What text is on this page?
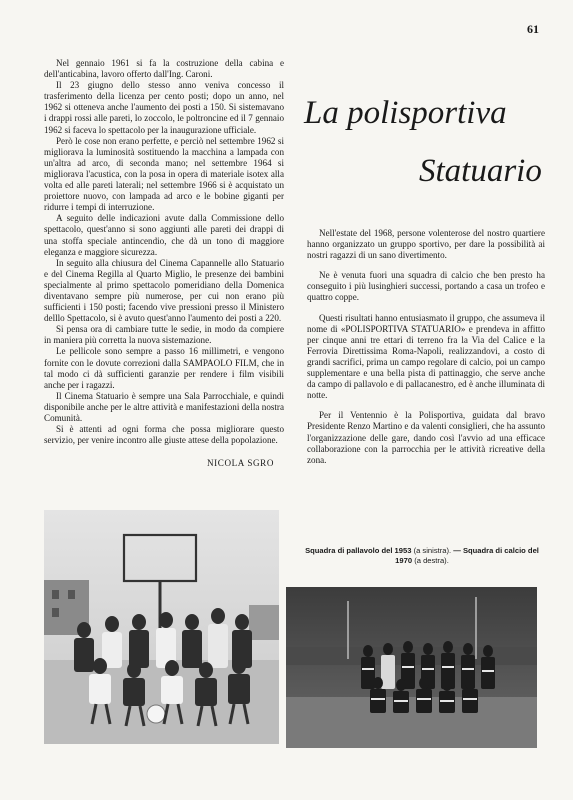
61

Nel gennaio 1961 si fa la costruzione della cabina e dell'anticabina, lavoro offerto dall'Ing. Caroni.

Il 23 giugno dello stesso anno veniva concesso il trasferimento della licenza per cento posti; dopo un anno, nel 1962 si otteneva anche l'aumento dei posti a 150. Si sistemavano i drappi rossi alle pareti, lo zoccolo, le poltroncine ed il 7 gennaio 1962 si faceva lo spettacolo per la inaugurazione ufficiale.

Però le cose non erano perfette, e perciò nel settembre 1962 si migliorava la luminosità sostituendo la macchina a lampada con un'altra ad arco, di seconda mano; nel settembre 1964 si migliorava l'acustica, con la posa in opera di materiale isotex alla volta ed alle pareti laterali; nel settembre 1966 si è acquistato un proiettore nuovo, con lampada ad arco e le bobine giganti per ridurre i tempi di interruzione.

A seguito delle indicazioni avute dalla Commissione dello spettacolo, quest'anno si sono aggiunti alle pareti dei drappi di una stoffa speciale antincendio, che dà un tono di maggiore eleganza e maggiore sicurezza.

In seguito alla chiusura del Cinema Capannelle allo Statuario e del Cinema Regilla al Quarto Miglio, le presenze dei bambini specialmente al primo spettacolo pomeridiano della Domenica diventavano sempre più numerose, per cui non erano più sufficienti i 150 posti; facendo vive pressioni presso il Ministero delllo Spettacolo, si è avuto quest'anno l'aumento dei posti a 220.

Si pensa ora di cambiare tutte le sedie, in modo da compiere in maniera più corretta la nuova sistemazione.

Le pellicole sono sempre a passo 16 millimetri, e vengono fornite con le dovute correzioni dalla SAMPAOLO FILM, che in tal modo ci dà sufficienti garanzie per rendere i film visibili anche per i ragazzi.

Il Cinema Statuario è sempre una Sala Parrocchiale, e quindi disponibile anche per le altre attività e manifestazioni della nostra Comunità.

Si è attenti ad ogni forma che possa migliorare questo servizio, per venire incontro alle giuste attese della popolazione.

NICOLA SGRO

La polisportiva
Statuario

Nell'estate del 1968, persone volenterose del nostro quartiere hanno organizzato un gruppo sportivo, per dare la possibilità ai nostri ragazzi di un sano divertimento.

Ne è venuta fuori una squadra di calcio che ben presto ha conseguito i più lusinghieri successi, portando a casa un trofeo e quattro coppe.

Questi risultati hanno entusiasmato il gruppo, che assumeva il nome di «POLISPORTIVA STATUARIO» e prendeva in affitto per cinque anni tre ettari di terreno fra la Via del Calice e la Ferrovia Direttissima Roma-Napoli, realizzandovi, a costo di grandi sacrifici, prima un campo regolare di calcio, poi un campo supplementare e una bella pista di pattinaggio, che serve anche da campo di pallavolo e di pallacanestro, ed è anche illuminata di notte.

Per il Ventennio è la Polisportiva, guidata dal bravo Presidente Renzo Martino e da valenti consiglieri, che ha assunto l'organizzazione delle gare, dando così l'avvio ad una efficace collaborazione con la parrocchia per le attività ricreative della zona.

Squadra di pallavolo del 1953 (a sinistra). — Squadra di calcio del 1970 (a destra).
